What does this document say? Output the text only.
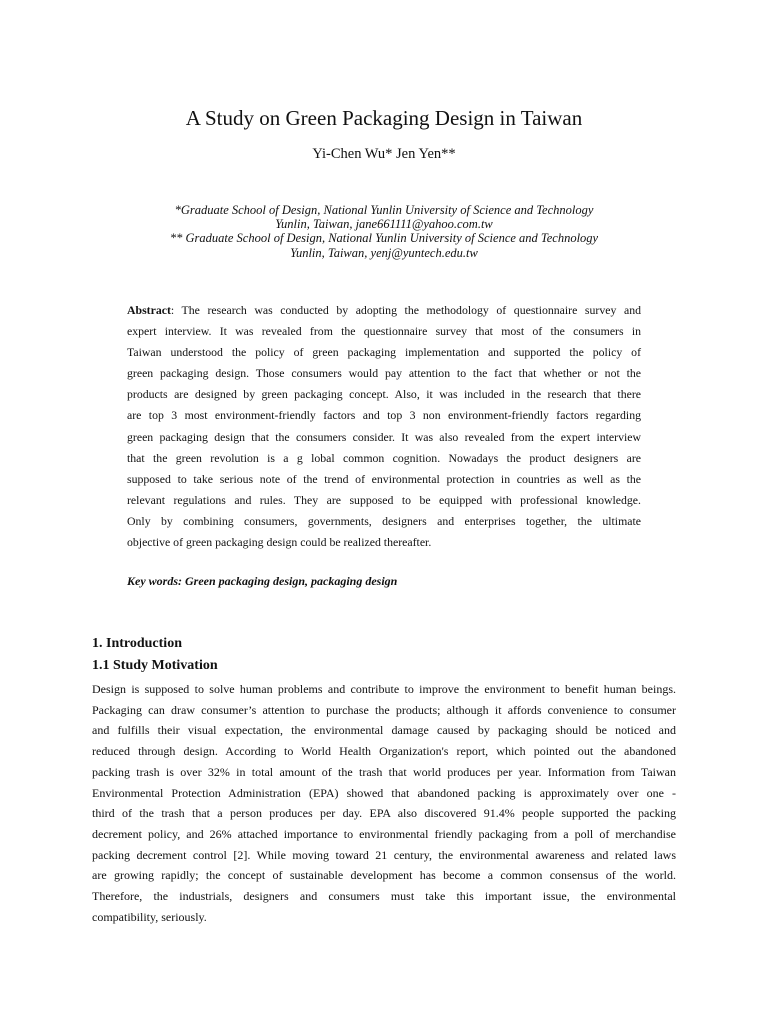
A Study on Green Packaging Design in Taiwan
Yi-Chen Wu* Jen Yen**
*Graduate School of Design, National Yunlin University of Science and Technology
Yunlin, Taiwan, jane661111@yahoo.com.tw
** Graduate School of Design, National Yunlin University of Science and Technology
Yunlin, Taiwan, yenj@yuntech.edu.tw
Abstract: The research was conducted by adopting the methodology of questionnaire survey and
expert interview. It was revealed from the questionnaire survey that most of the consumers in
Taiwan understood the policy of green packaging implementation and supported the policy of
green packaging design. Those consumers would pay attention to the fact that whether or not the
products are designed by green packaging concept. Also, it was included in the research that there
are top 3 most environment-friendly factors and top 3 non environment-friendly factors regarding
green packaging design that the consumers consider. It was also revealed from the expert interview
that the green revolution is a g lobal common cognition. Nowadays the product designers are
supposed to take serious note of the trend of environmental protection in countries as well as the
relevant regulations and rules. They are supposed to be equipped with professional knowledge.
Only by combining consumers, governments, designers and enterprises together, the ultimate
objective of green packaging design could be realized thereafter.
Key words: Green packaging design, packaging design
1. Introduction
1.1 Study Motivation
Design is supposed to solve human problems and contribute to improve the environment to benefit human beings.
Packaging can draw consumer’s attention to purchase the products; although it affords convenience to consumer
and fulfills their visual expectation, the environmental damage caused by packaging should be noticed and
reduced through design. According to World Health Organization's report, which pointed out the abandoned
packing trash is over 32% in total amount of the trash that world produces per year. Information from Taiwan
Environmental Protection Administration (EPA) showed that abandoned packing is approximately over one -
third of the trash that a person produces per day. EPA also discovered 91.4% people supported the packing
decrement policy, and 26% attached importance to environmental friendly packaging from a poll of merchandise
packing decrement control [2]. While moving toward 21 century, the environmental awareness and related laws
are growing rapidly; the concept of sustainable development has become a common consensus of the world.
Therefore, the industrials, designers and consumers must take this important issue, the environmental
compatibility, seriously.
